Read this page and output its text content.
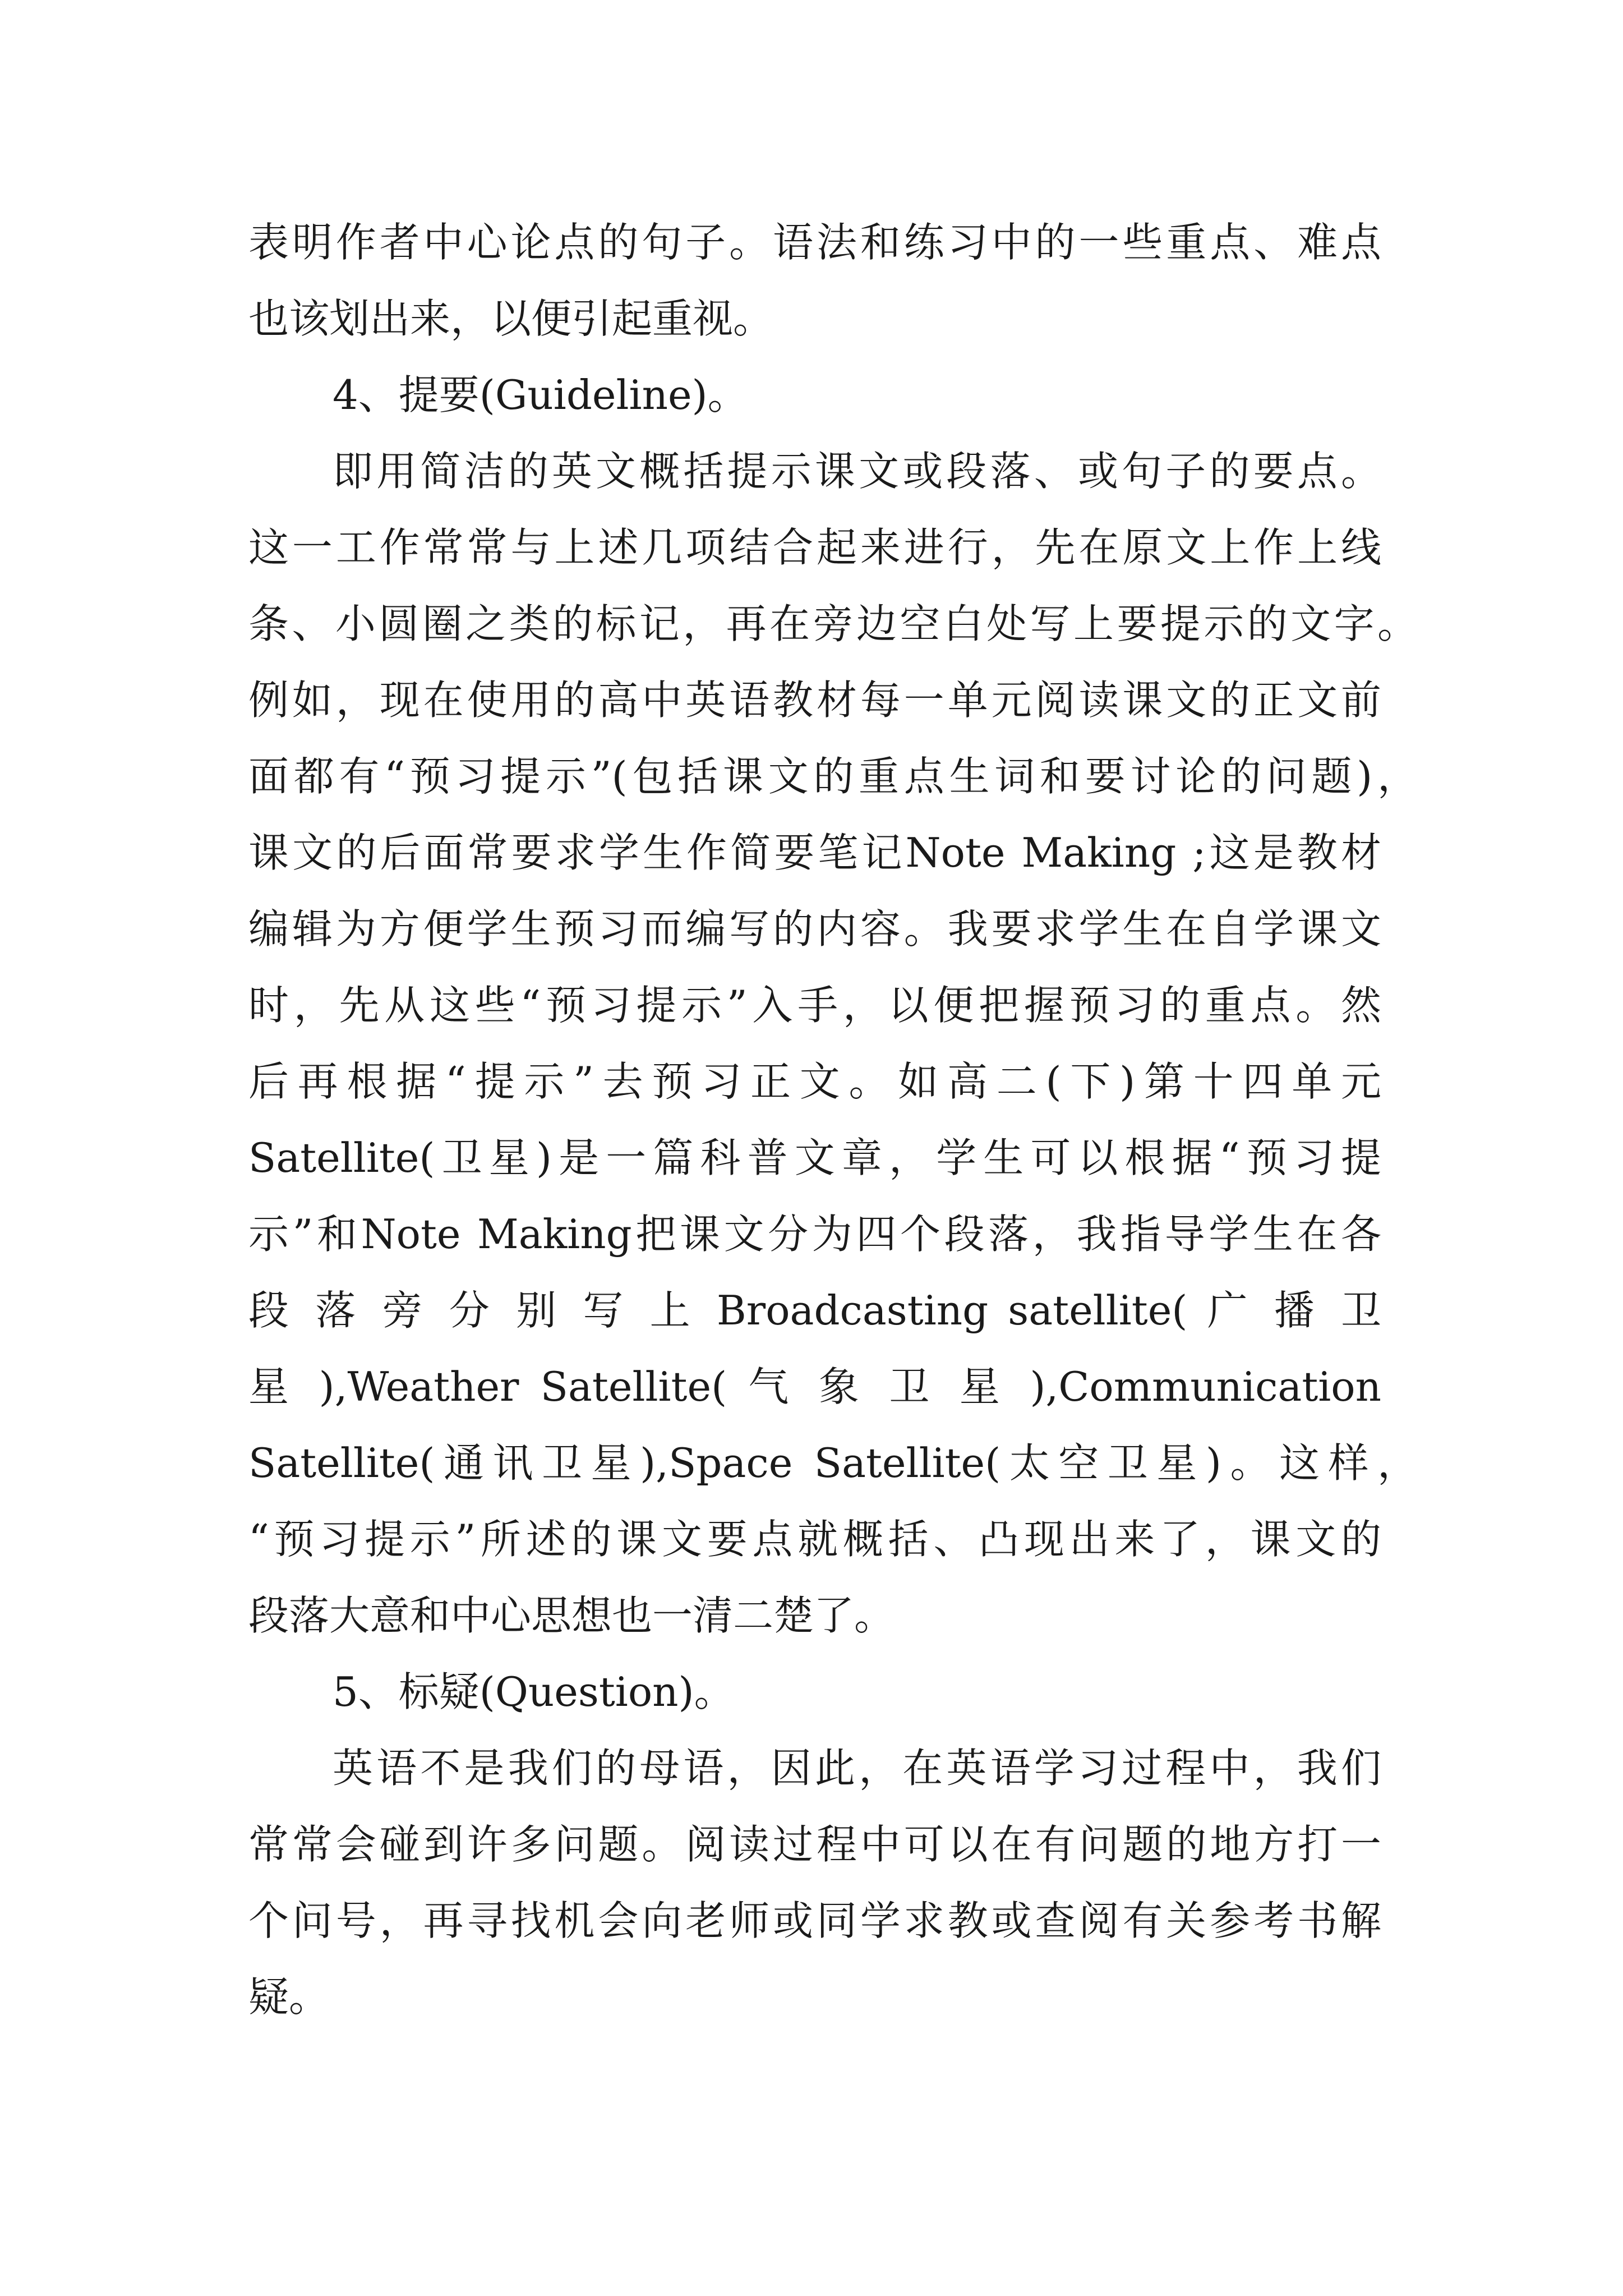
表明作者中心论点的句子。语法和练习中的一些重点、难点
也该划出来，以便引起重视。
4、提要(Guideline)。
即用简洁的英文概括提示课文或段落、或句子的要点。
这一工作常常与上述几项结合起来进行，先在原文上作上线
条、小圆圈之类的标记，再在旁边空白处写上要提示的文字。
例如，现在使用的高中英语教材每一单元阅读课文的正文前
面都有“预习提示”(包括课文的重点生词和要讨论的问题)，
课文的后面常要求学生作简要笔记Note Making ;这是教材
编辑为方便学生预习而编写的内容。我要求学生在自学课文
时，先从这些“预习提示”入手，以便把握预习的重点。然
后再根据“提示”去预习正文。如高二(下)第十四单元
Satellite(卫星)是一篇科普文章，学生可以根据“预习提
示”和Note Making把课文分为四个段落，我指导学生在各
段 落 旁 分 别 写 上 Broadcasting satellite( 广 播 卫
星 ),Weather Satellite( 气 象 卫 星 ),Communication
Satellite(通讯卫星),Space Satellite(太空卫星)。这样，
“预习提示”所述的课文要点就概括、凸现出来了，课文的
段落大意和中心思想也一清二楚了。
5、标疑(Question)。
英语不是我们的母语，因此，在英语学习过程中，我们
常常会碰到许多问题。阅读过程中可以在有问题的地方打一
个问号，再寻找机会向老师或同学求教或查阅有关参考书解
疑。
